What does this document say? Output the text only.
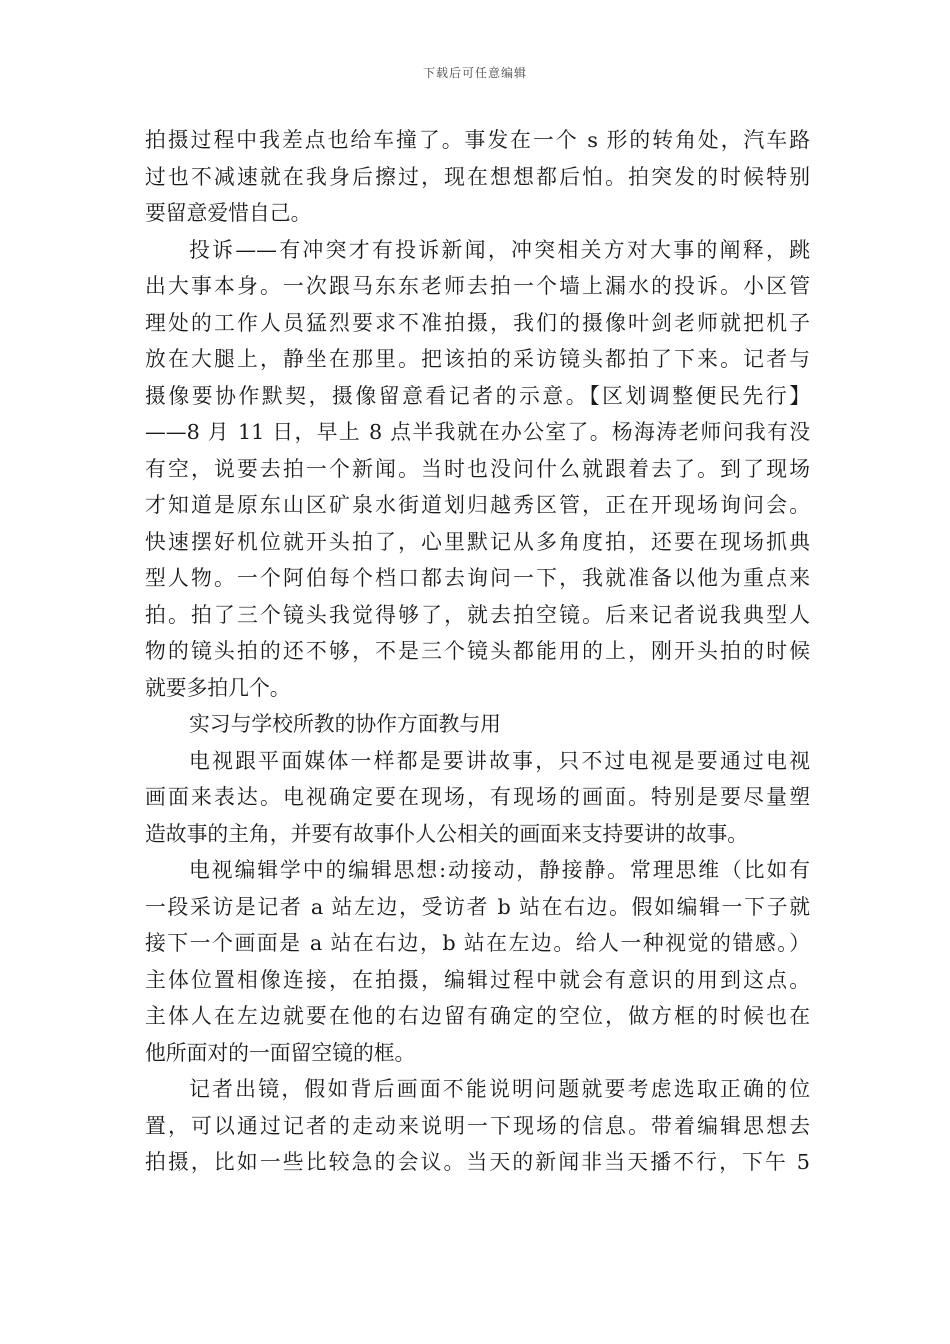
下载后可任意编辑
拍摄过程中我差点也给车撞了。事发在一个 s 形的转角处，汽车路
过也不减速就在我身后擦过，现在想想都后怕。拍突发的时候特别
要留意爱惜自己。
投诉——有冲突才有投诉新闻，冲突相关方对大事的阐释，跳
出大事本身。一次跟马东东老师去拍一个墙上漏水的投诉。小区管
理处的工作人员猛烈要求不准拍摄，我们的摄像叶剑老师就把机子
放在大腿上，静坐在那里。把该拍的采访镜头都拍了下来。记者与
摄像要协作默契，摄像留意看记者的示意。【区划调整便民先行】
——8 月 11 日，早上 8 点半我就在办公室了。杨海涛老师问我有没
有空，说要去拍一个新闻。当时也没问什么就跟着去了。到了现场
才知道是原东山区矿泉水街道划归越秀区管，正在开现场询问会。
快速摆好机位就开头拍了，心里默记从多角度拍，还要在现场抓典
型人物。一个阿伯每个档口都去询问一下，我就准备以他为重点来
拍。拍了三个镜头我觉得够了，就去拍空镜。后来记者说我典型人
物的镜头拍的还不够，不是三个镜头都能用的上，刚开头拍的时候
就要多拍几个。
实习与学校所教的协作方面教与用
电视跟平面媒体一样都是要讲故事，只不过电视是要通过电视
画面来表达。电视确定要在现场，有现场的画面。特别是要尽量塑
造故事的主角，并要有故事仆人公相关的画面来支持要讲的故事。
电视编辑学中的编辑思想:动接动，静接静。常理思维（比如有
一段采访是记者 a 站左边，受访者 b 站在右边。假如编辑一下子就
接下一个画面是 a 站在右边，b 站在左边。给人一种视觉的错感。）
主体位置相像连接，在拍摄，编辑过程中就会有意识的用到这点。
主体人在左边就要在他的右边留有确定的空位，做方框的时候也在
他所面对的一面留空镜的框。
记者出镜，假如背后画面不能说明问题就要考虑选取正确的位
置，可以通过记者的走动来说明一下现场的信息。带着编辑思想去
拍摄，比如一些比较急的会议。当天的新闻非当天播不行，下午 5
